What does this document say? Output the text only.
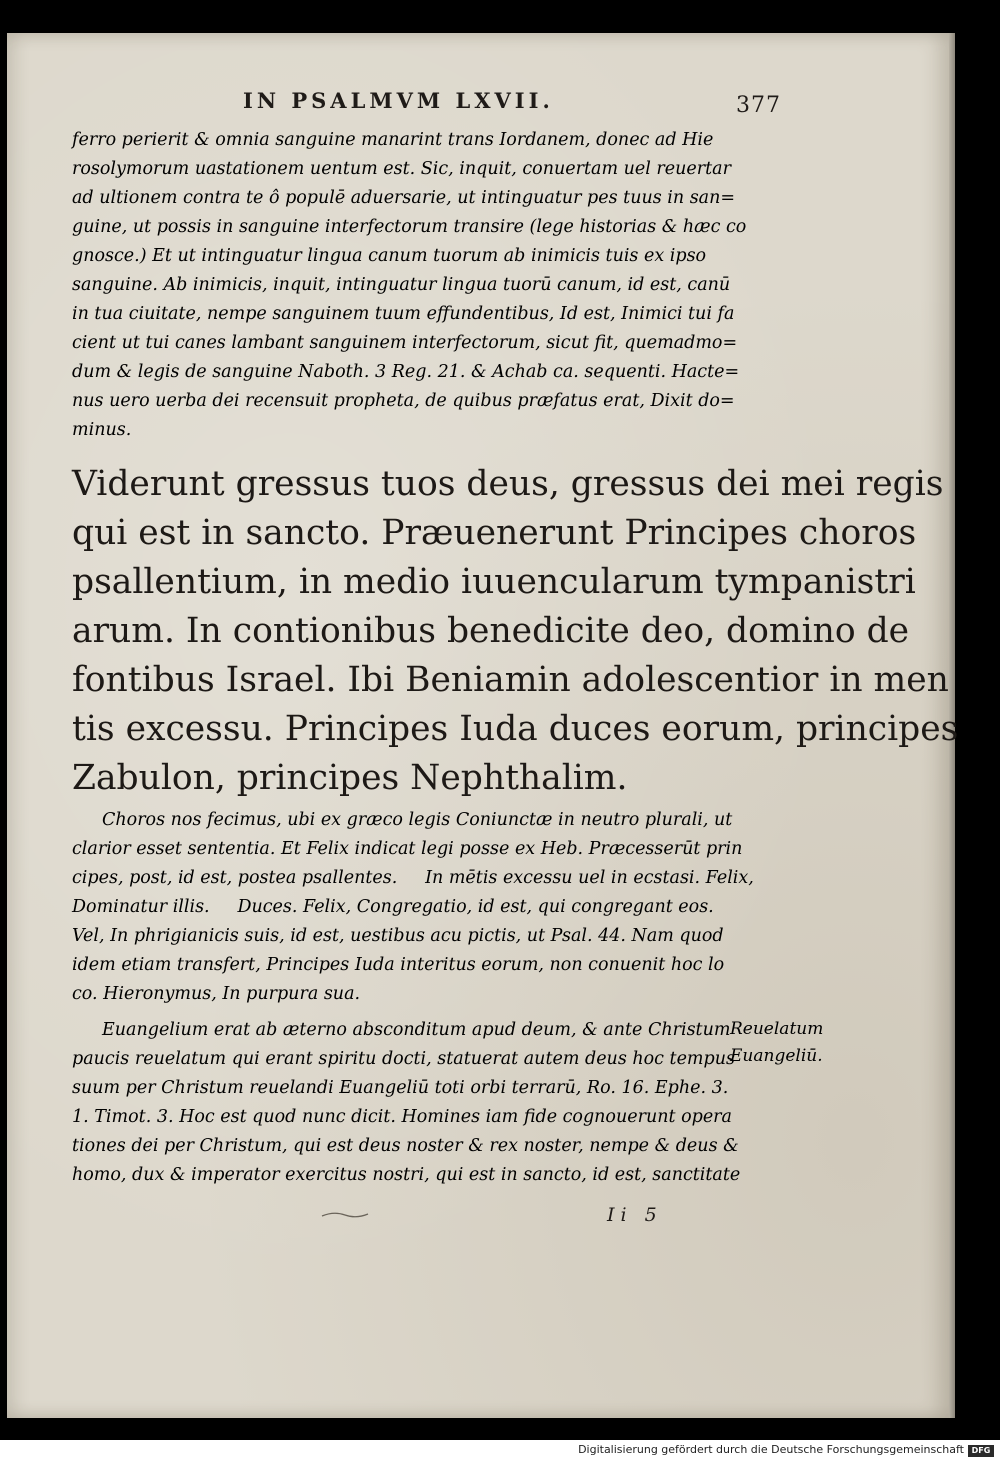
IN PSALMVM LXVII.	377
ferro perierit & omnia sanguine manarint trans Iordanem, donec ad Hie
rosolymorum uastationem uentum est. Sic, inquit, conuertam uel reuertar
ad ultionem contra te ô populē aduersarie, ut intinguatur pes tuus in san=
guine, ut possis in sanguine interfectorum transire (lege historias & hæc co
gnosce.) Et ut intinguatur lingua canum tuorum ab inimicis tuis ex ipso
sanguine. Ab inimicis, inquit, intinguatur lingua tuorū canum, id est, canū
in tua ciuitate, nempe sanguinem tuum effundentibus, Id est, Inimici tui fa
cient ut tui canes lambant sanguinem interfectorum, sicut fit, quemadmo=
dum & legis de sanguine Naboth. 3 Reg. 21. & Achab ca. sequenti. Hacte=
nus uero uerba dei recensuit propheta, de quibus præfatus erat, Dixit do=
minus.
Viderunt gressus tuos deus, gressus dei mei regis
qui est in sancto. Præuenerunt Principes choros
psallentium, in medio iuuencularum tympanistri
arum. In contionibus benedicite deo, domino de
fontibus Israel. Ibi Beniamin adolescentior in men
tis excessu. Principes Iuda duces eorum, principes
Zabulon, principes Nephthalim.
Choros nos fecimus, ubi ex græco legis Coniunctæ in neutro plurali, ut
clarior esset sententia. Et Felix indicat legi posse ex Heb. Præcesserūt prin
cipes, post, id est, postea psallentes.     In mētis excessu uel in ecstasi. Felix,
Dominatur illis.     Duces. Felix, Congregatio, id est, qui congregant eos.
Vel, In phrigianicis suis, id est, uestibus acu pictis, ut Psal. 44. Nam quod
idem etiam transfert, Principes Iuda interitus eorum, non conuenit hoc lo
co. Hieronymus, In purpura sua.
Euangelium erat ab æterno absconditum apud deum, & ante Christum
paucis reuelatum qui erant spiritu docti, statuerat autem deus hoc tempus
suum per Christum reuelandi Euangeliū toti orbi terrarū, Ro. 16. Ephe. 3.
1. Timot. 3. Hoc est quod nunc dicit. Homines iam fide cognouerunt opera
tiones dei per Christum, qui est deus noster & rex noster, nempe & deus &
homo, dux & imperator exercitus nostri, qui est in sancto, id est, sanctitate
Reuelatum
Euangeliū.
Ii 5
Digitalisierung gefördert durch die Deutsche Forschungsgemeinschaft DFG
